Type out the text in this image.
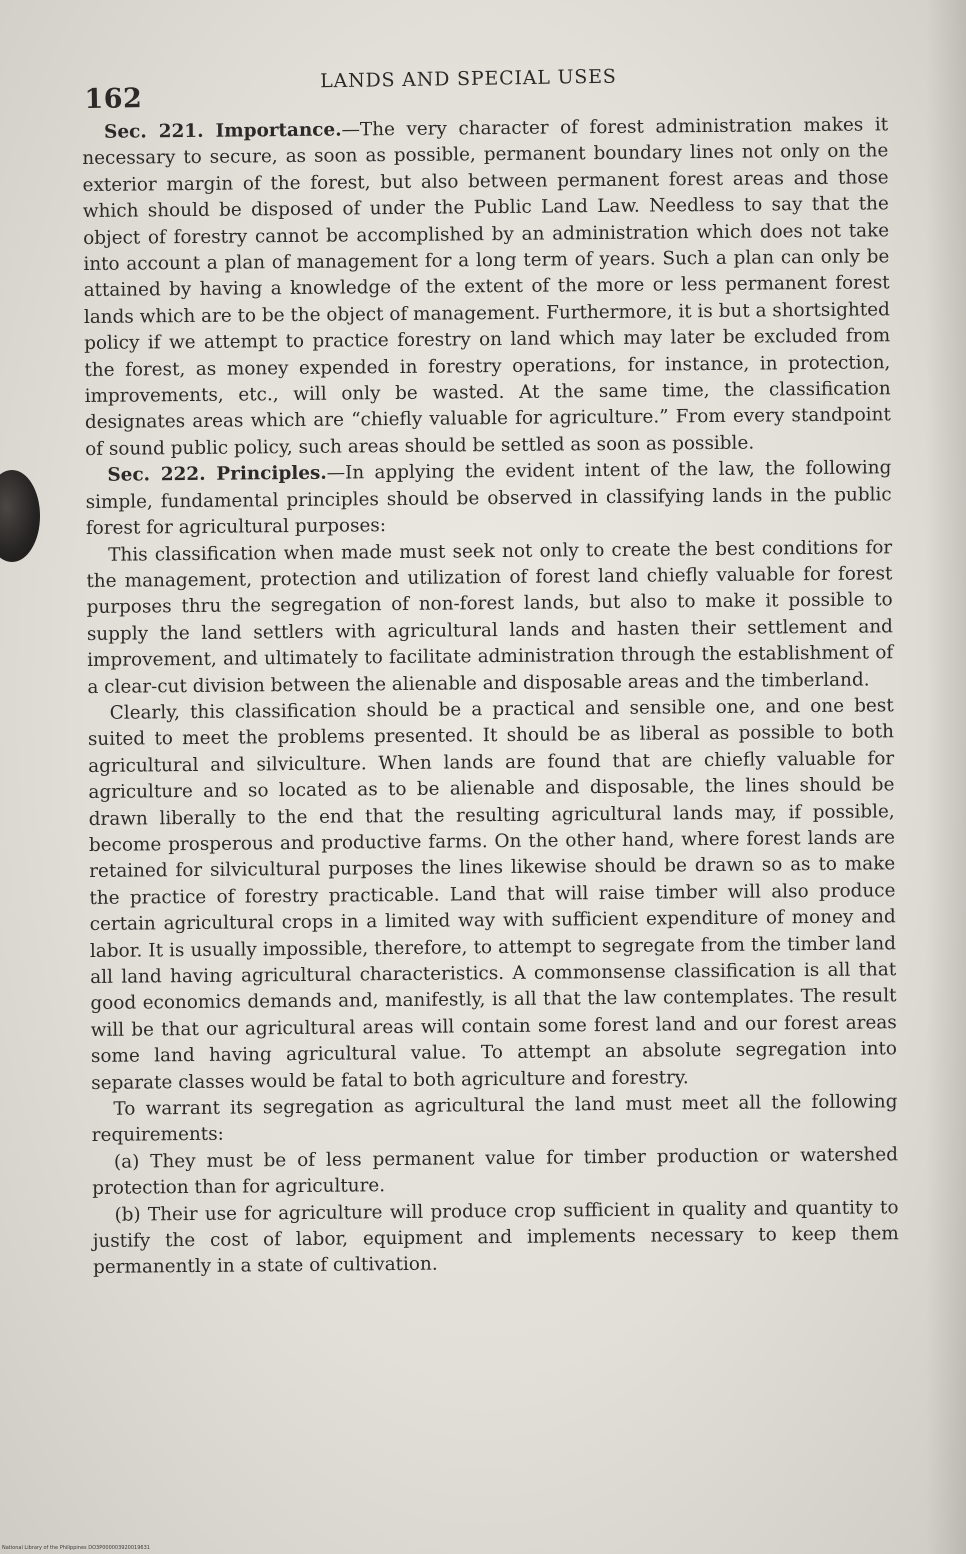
162
LANDS AND SPECIAL USES

Sec. 221. Importance.—The very character of forest administration makes it necessary to secure, as soon as possible, permanent boundary lines not only on the exterior margin of the forest, but also between permanent forest areas and those which should be disposed of under the Public Land Law. Needless to say that the object of forestry cannot be accomplished by an administration which does not take into account a plan of management for a long term of years. Such a plan can only be attained by having a knowledge of the extent of the more or less permanent forest lands which are to be the object of management. Furthermore, it is but a shortsighted policy if we attempt to practice forestry on land which may later be excluded from the forest, as money expended in forestry operations, for instance, in protection, improvements, etc., will only be wasted. At the same time, the classification designates areas which are “chiefly valuable for agriculture.” From every standpoint of sound public policy, such areas should be settled as soon as possible.

Sec. 222. Principles.—In applying the evident intent of the law, the following simple, fundamental principles should be observed in classifying lands in the public forest for agricultural purposes:

This classification when made must seek not only to create the best conditions for the management, protection and utilization of forest land chiefly valuable for forest purposes thru the segregation of non-forest lands, but also to make it possible to supply the land settlers with agricultural lands and hasten their settlement and improvement, and ultimately to facilitate administration through the establishment of a clear-cut division between the alienable and disposable areas and the timberland.

Clearly, this classification should be a practical and sensible one, and one best suited to meet the problems presented. It should be as liberal as possible to both agricultural and silviculture. When lands are found that are chiefly valuable for agriculture and so located as to be alienable and disposable, the lines should be drawn liberally to the end that the resulting agricultural lands may, if possible, become prosperous and productive farms. On the other hand, where forest lands are retained for silvicultural purposes the lines likewise should be drawn so as to make the practice of forestry practicable. Land that will raise timber will also produce certain agricultural crops in a limited way with sufficient expenditure of money and labor. It is usually impossible, therefore, to attempt to segregate from the timber land all land having agricultural characteristics. A commonsense classification is all that good economics demands and, manifestly, is all that the law contemplates. The result will be that our agricultural areas will contain some forest land and our forest areas some land having agricultural value. To attempt an absolute segregation into separate classes would be fatal to both agriculture and forestry.

To warrant its segregation as agricultural the land must meet all the following requirements:

(a) They must be of less permanent value for timber production or watershed protection than for agriculture.

(b) Their use for agriculture will produce crop sufficient in quality and quantity to justify the cost of labor, equipment and implements necessary to keep them permanently in a state of cultivation.

National Library of the Philippines DO3P000003920019631
